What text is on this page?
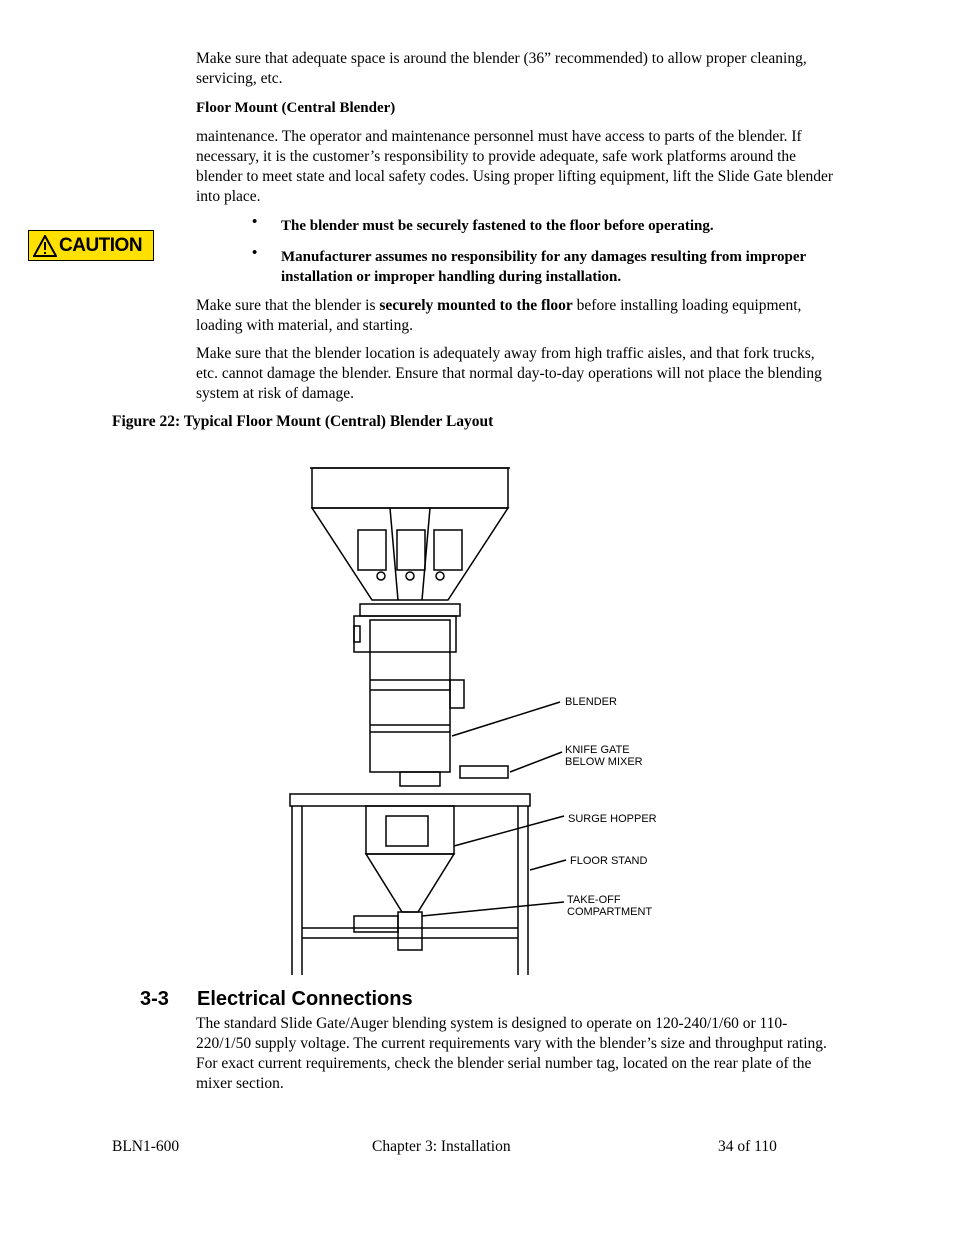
Make sure that adequate space is around the blender (36” recommended) to allow proper cleaning, servicing, etc.

Floor Mount (Central Blender)

maintenance. The operator and maintenance personnel must have access to parts of the blender. If necessary, it is the customer’s responsibility to provide adequate, safe work platforms around the blender to meet state and local safety codes. Using proper lifting equipment, lift the Slide Gate blender into place.

CAUTION
• The blender must be securely fastened to the floor before operating.

• Manufacturer assumes no responsibility for any damages resulting from improper installation or improper handling during installation.

Make sure that the blender is securely mounted to the floor before installing loading equipment, loading with material, and starting.

Make sure that the blender location is adequately away from high traffic aisles, and that fork trucks, etc. cannot damage the blender. Ensure that normal day-to-day operations will not place the blending system at risk of damage.

Figure 22: Typical Floor Mount (Central) Blender Layout
BLENDER
KNIFE GATE
BELOW MIXER
SURGE HOPPER
FLOOR STAND
TAKE-OFF
COMPARTMENT
3-3 Electrical Connections

The standard Slide Gate/Auger blending system is designed to operate on 120-240/1/60 or 110-220/1/50 supply voltage. The current requirements vary with the blender’s size and throughput rating. For exact current requirements, check the blender serial number tag, located on the rear plate of the mixer section.

BLN1-600	Chapter 3: Installation	34 of 110
